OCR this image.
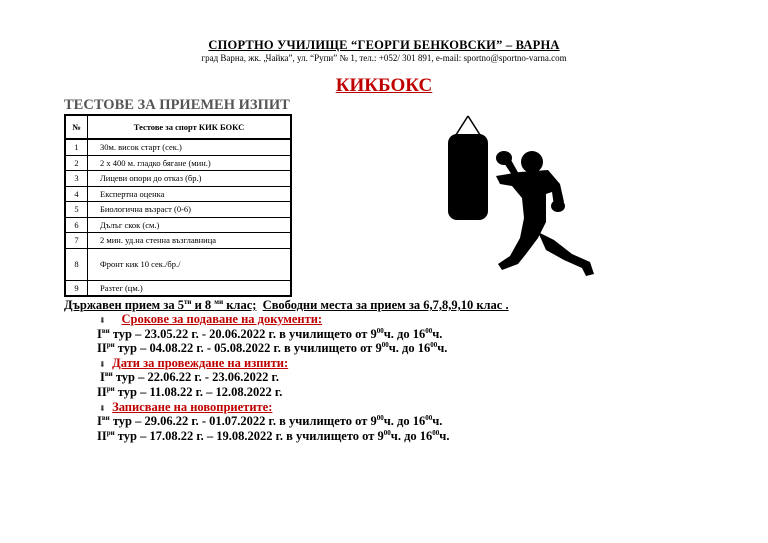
СПОРТНО УЧИЛИЩЕ “ГЕОРГИ БЕНКОВСКИ” – ВАРНА
град Варна, жк. „Чайка”, ул. “Рупи” № 1, тел.: +052/ 301 891, e-mail: sportno@sportno-varna.com
КИКБОКС
ТЕСТОВЕ ЗА ПРИЕМЕН ИЗПИТ
№	Тестове за спорт КИК БОКС
1	30м. висок старт (сек.)
2	2 х 400 м. гладко бягане (мин.)
3	Лицеви опори до отказ (бр.)
4	Експертна оценка
5	Биологична възраст (0-6)
6	Дълъг скок (см.)
7	2 мин. уд.на стенна възглавница
8	Фронт кик 10 сек./бр./
9	Разтег (цм.)
Държавен прием за $5^{ти}$ и 8 $^{ми}$ клас; Свободни места за прием за 6,7,8,9,10 клас .
⬇ Срокове за подаване на документи:
$I^{ви}$ тур – 23.05.22 г. - 20.06.2022 г. в училището от $9^{00}ч$. до $16^{00}ч$.
$II^{ри}$ тур – 04.08.22 г. - 05.08.2022 г. в училището от $9^{00}ч$. до $16^{00}ч$.
⬇ Дати за провеждане на изпити:
$I^{ви}$ тур – 22.06.22 г. - 23.06.2022 г.
$II^{ри}$ тур – 11.08.22 г. – 12.08.2022 г.
⬇ Записване на новоприетите:
$I^{ви}$ тур – 29.06.22 г. - 01.07.2022 г. в училището от $9^{00}ч$. до $16^{00}ч$.
$II^{ри}$ тур – 17.08.22 г. – 19.08.2022 г. в училището от $9^{00}ч$. до $16^{00}ч$.
